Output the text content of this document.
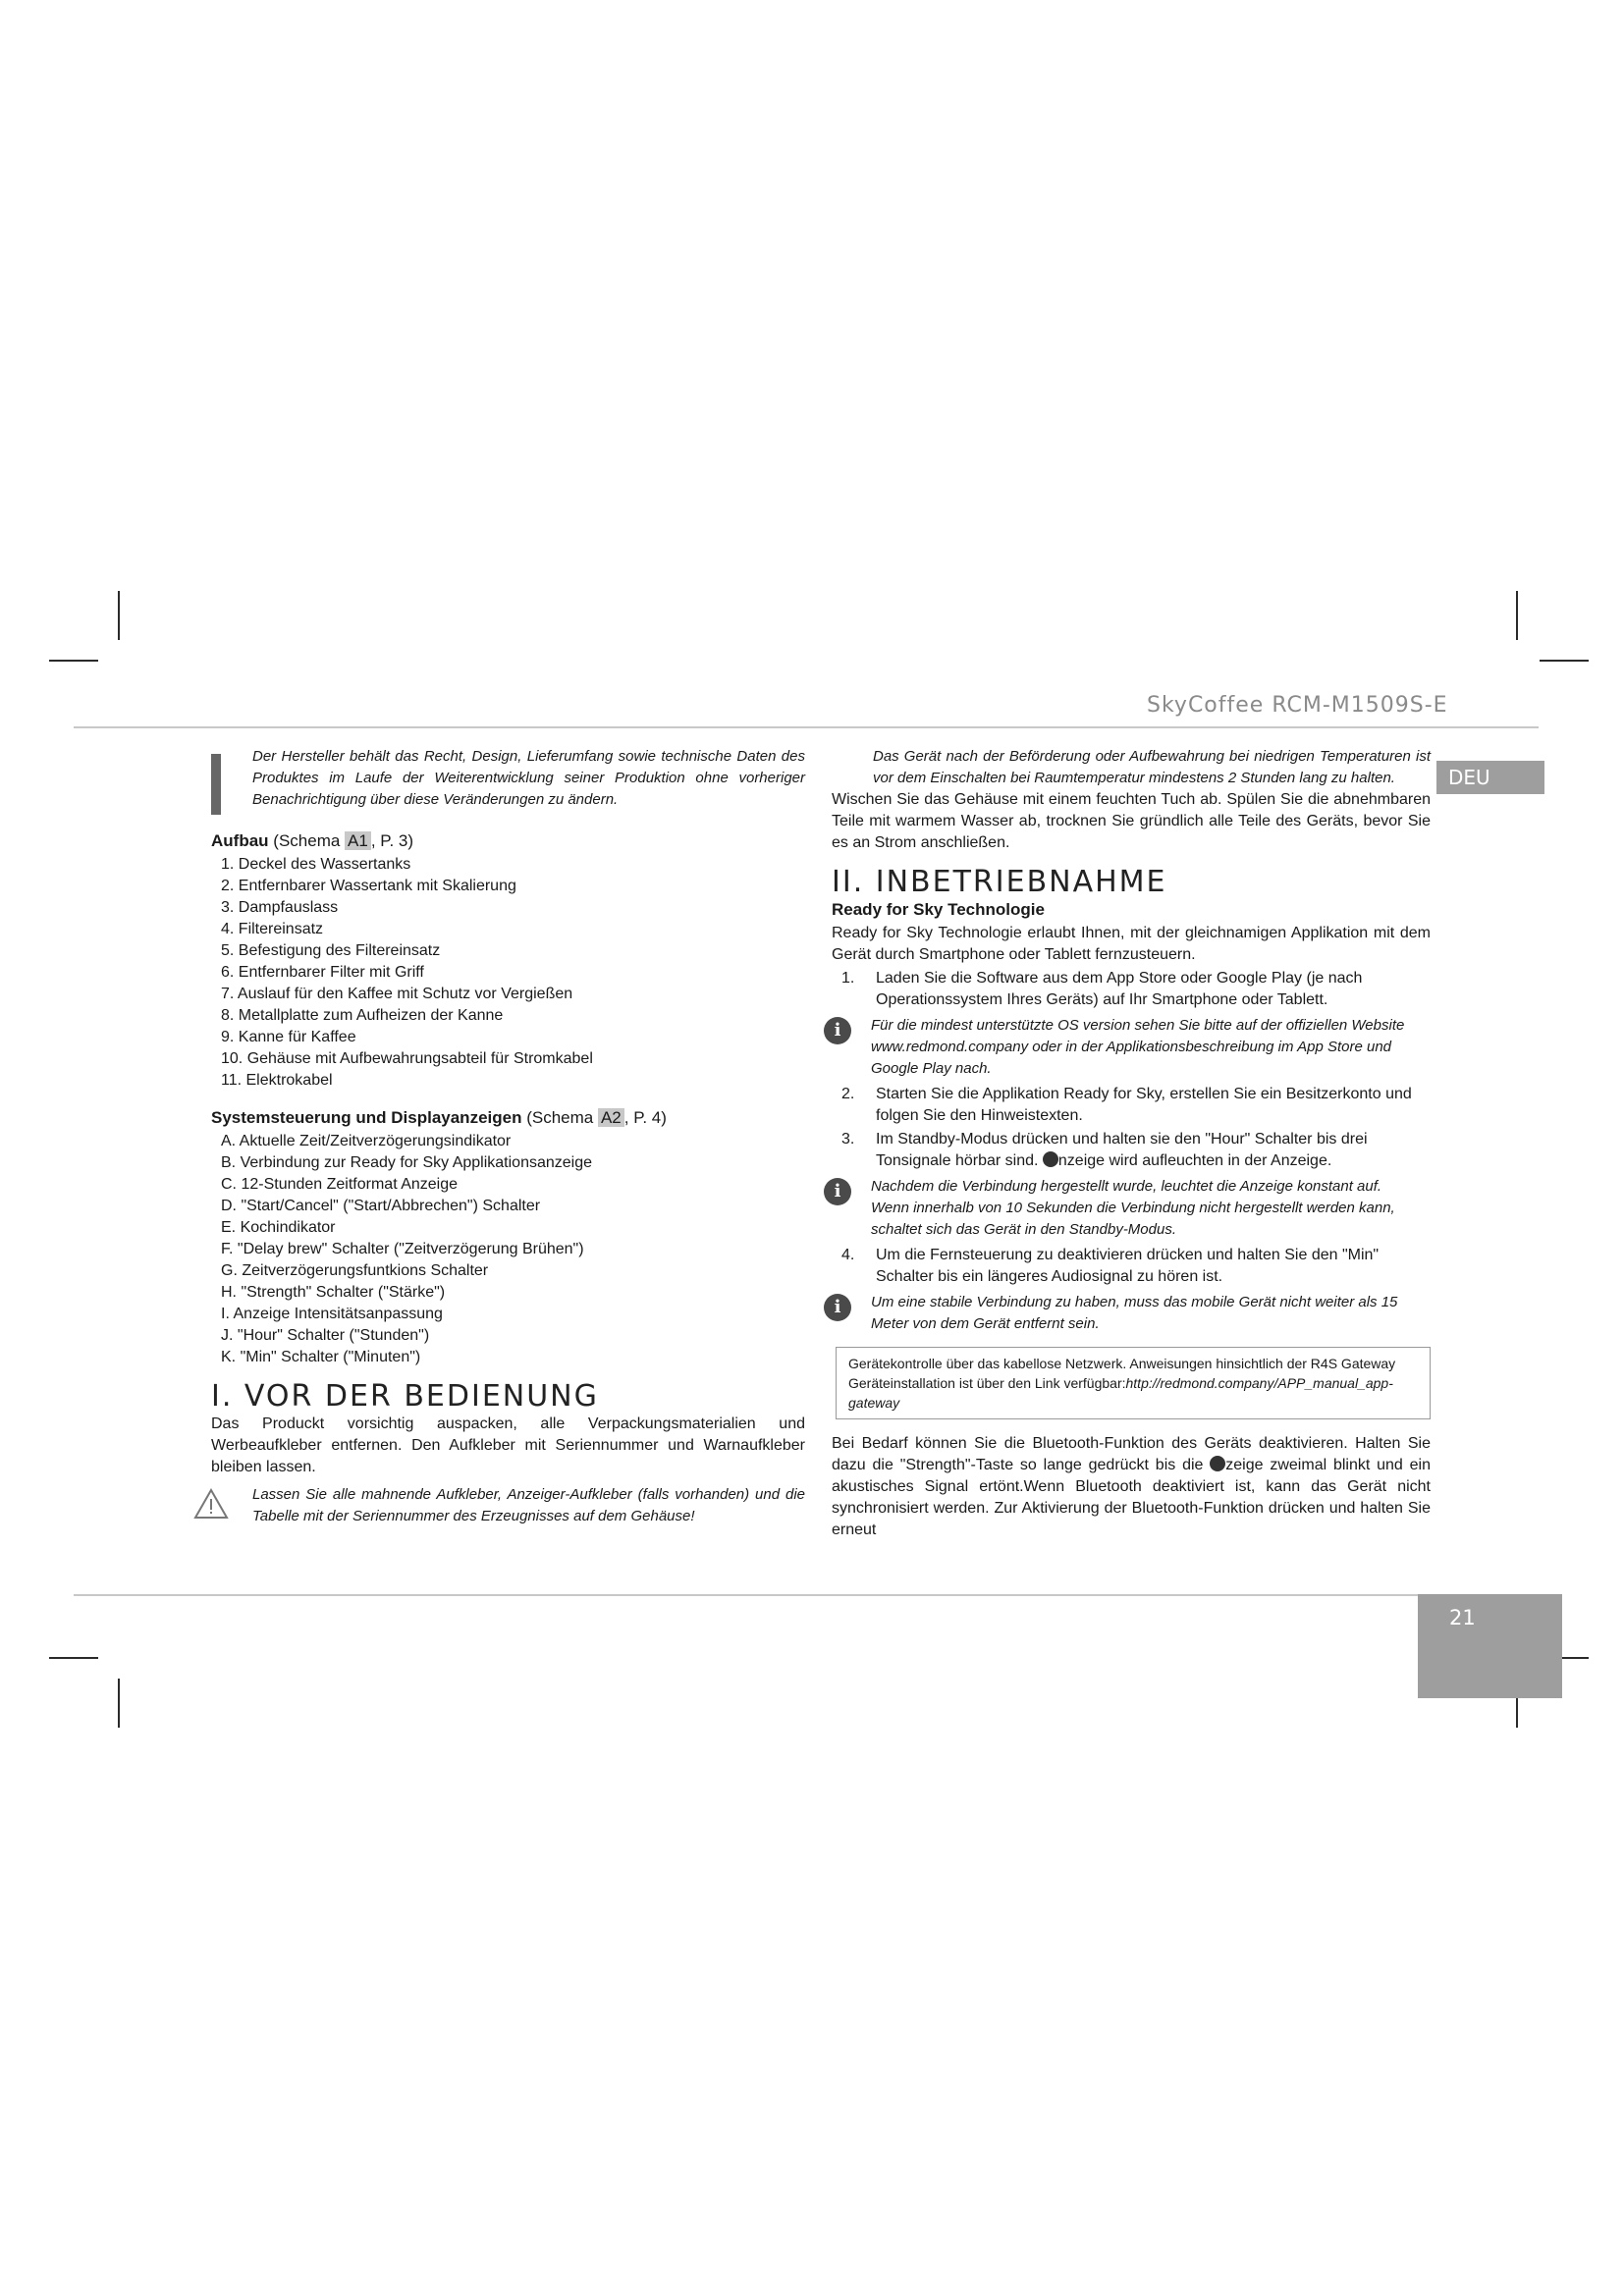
SkyCoffee RCM-M1509S-E
DEU
Der Hersteller behält das Recht, Design, Lieferumfang sowie technische Daten des Produktes im Laufe der Weiterentwicklung seiner Produktion ohne vorheriger Benachrichtigung über diese Veränderungen zu ändern.
Aufbau (Schema A1 , P. 3)
1. Deckel des Wassertanks
2. Entfernbarer Wassertank mit Skalierung
3. Dampfauslass
4. Filtereinsatz
5. Befestigung des Filtereinsatz
6. Entfernbarer Filter mit Griff
7. Auslauf für den Kaffee mit Schutz vor Vergießen
8. Metallplatte zum Aufheizen der Kanne
9. Kanne für Kaffee
10. Gehäuse mit Aufbewahrungsabteil für Stromkabel
11. Elektrokabel
Systemsteuerung und Displayanzeigen (Schema A2 , P. 4)
A. Aktuelle Zeit/Zeitverzögerungsindikator
B. Verbindung zur Ready for Sky Applikationsanzeige
C. 12-Stunden Zeitformat Anzeige
D. "Start/Cancel" ("Start/Abbrechen") Schalter
E. Kochindikator
F. "Delay brew" Schalter ("Zeitverzögerung Brühen")
G. Zeitverzögerungsfuntkions Schalter
H. "Strength" Schalter ("Stärke")
I. Anzeige Intensitätsanpassung
J. "Hour" Schalter ("Stunden")
K. "Min" Schalter ("Minuten")
I. VOR DER BEDIENUNG

Das Produckt vorsichtig auspacken, alle Verpackungsmaterialien und Werbeaufkleber entfernen. Den Aufkleber mit Seriennummer und Warnaufkleber bleiben lassen.

Lassen Sie alle mahnende Aufkleber, Anzeiger-Aufkleber (falls vorhanden) und die Tabelle mit der Seriennummer des Erzeugnisses auf dem Gehäuse!

Das Gerät nach der Beförderung oder Aufbewahrung bei niedrigen Temperaturen ist vor dem Einschalten bei Raumtemperatur mindestens 2 Stunden lang zu halten.

Wischen Sie das Gehäuse mit einem feuchten Tuch ab. Spülen Sie die abnehmbaren Teile mit warmem Wasser ab, trocknen Sie gründlich alle Teile des Geräts, bevor Sie es an Strom anschließen.

II. INBETRIEBNAHME
Ready for Sky Technologie

Ready for Sky Technologie erlaubt Ihnen, mit der gleichnamigen Applikation mit dem Gerät durch Smartphone oder Tablett fernzusteuern.

1. Laden Sie die Software aus dem App Store oder Google Play (je nach Operationssystem Ihres Geräts) auf Ihr Smartphone oder Tablett.
i	Für die mindest unterstützte OS version sehen Sie bitte auf der offiziellen Website www.redmond.company oder in der Applikationsbeschreibung im App Store und Google Play nach.
2. Starten Sie die Applikation Ready for Sky, erstellen Sie ein Besitzerkonto und folgen Sie den Hinweistexten.
3. Im Standby-Modus drücken und halten sie den "Hour" Schalter bis drei Tonsignale hörbar sind. nzeige wird aufleuchten in der Anzeige.
i	Nachdem die Verbindung hergestellt wurde, leuchtet die Anzeige konstant auf.
Wenn innerhalb von 10 Sekunden die Verbindung nicht hergestellt werden kann, schaltet sich das Gerät in den Standby-Modus.
4. Um die Fernsteuerung zu deaktivieren drücken und halten Sie den "Min" Schalter bis ein längeres Audiosignal zu hören ist.
i	Um eine stabile Verbindung zu haben, muss das mobile Gerät nicht weiter als 15 Meter von dem Gerät entfernt sein.
Gerätekontrolle über das kabellose Netzwerk. Anweisungen hinsichtlich der R4S Gateway Geräteinstallation ist über den Link verfügbar:http://redmond.company/APP_manual_app-gateway

Bei Bedarf können Sie die Bluetooth-Funktion des Geräts deaktivieren. Halten Sie dazu die "Strength"-Taste so lange gedrückt bis die zeige zweimal blinkt und ein akustisches Signal ertönt.Wenn Bluetooth deaktiviert ist, kann das Gerät nicht synchronisiert werden. Zur Aktivierung der Bluetooth-Funktion drücken und halten Sie erneut

21
